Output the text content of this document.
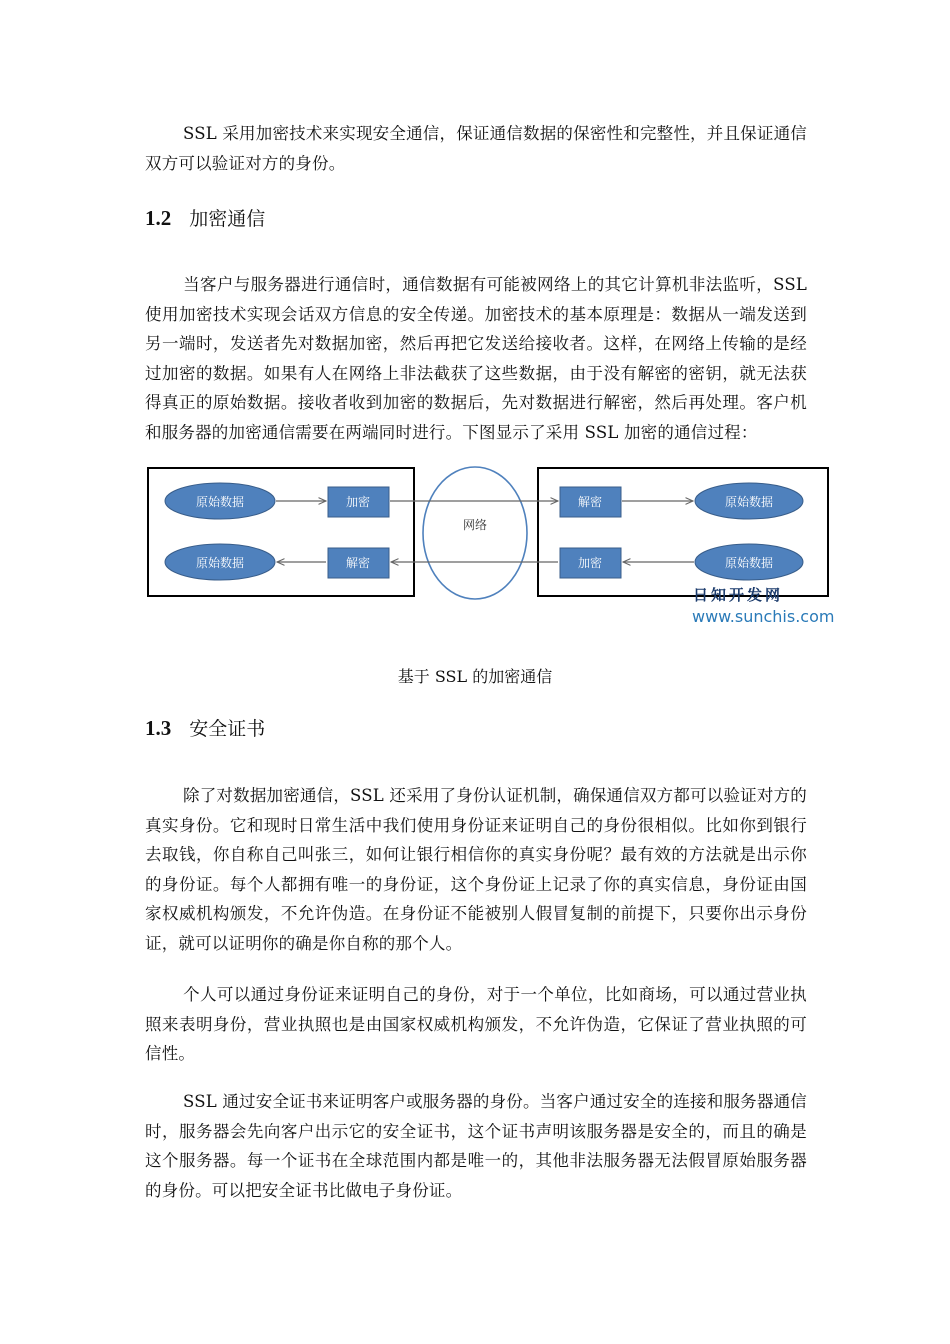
SSL 采用加密技术来实现安全通信，保证通信数据的保密性和完整性，并且保证通信双方可以验证对方的身份。

1.2 加密通信

当客户与服务器进行通信时，通信数据有可能被网络上的其它计算机非法监听，SSL 使用加密技术实现会话双方信息的安全传递。加密技术的基本原理是：数据从一端发送到另一端时，发送者先对数据加密，然后再把它发送给接收者。这样，在网络上传输的是经过加密的数据。如果有人在网络上非法截获了这些数据，由于没有解密的密钥，就无法获得真正的原始数据。接收者收到加密的数据后，先对数据进行解密，然后再处理。客户机和服务器的加密通信需要在两端同时进行。下图显示了采用 SSL 加密的通信过程：

原始数据	加密
原始数据	解密
网络
解密	原始数据
加密	原始数据
日知开发网
www.sunchis.com
基于 SSL 的加密通信
1.3 安全证书

除了对数据加密通信，SSL 还采用了身份认证机制，确保通信双方都可以验证对方的真实身份。它和现时日常生活中我们使用身份证来证明自己的身份很相似。比如你到银行去取钱，你自称自己叫张三，如何让银行相信你的真实身份呢？最有效的方法就是出示你的身份证。每个人都拥有唯一的身份证，这个身份证上记录了你的真实信息，身份证由国家权威机构颁发，不允许伪造。在身份证不能被别人假冒复制的前提下，只要你出示身份证，就可以证明你的确是你自称的那个人。

个人可以通过身份证来证明自己的身份，对于一个单位，比如商场，可以通过营业执照来表明身份，营业执照也是由国家权威机构颁发，不允许伪造，它保证了营业执照的可信性。

SSL 通过安全证书来证明客户或服务器的身份。当客户通过安全的连接和服务器通信时，服务器会先向客户出示它的安全证书，这个证书声明该服务器是安全的，而且的确是这个服务器。每一个证书在全球范围内都是唯一的，其他非法服务器无法假冒原始服务器的身份。可以把安全证书比做电子身份证。
